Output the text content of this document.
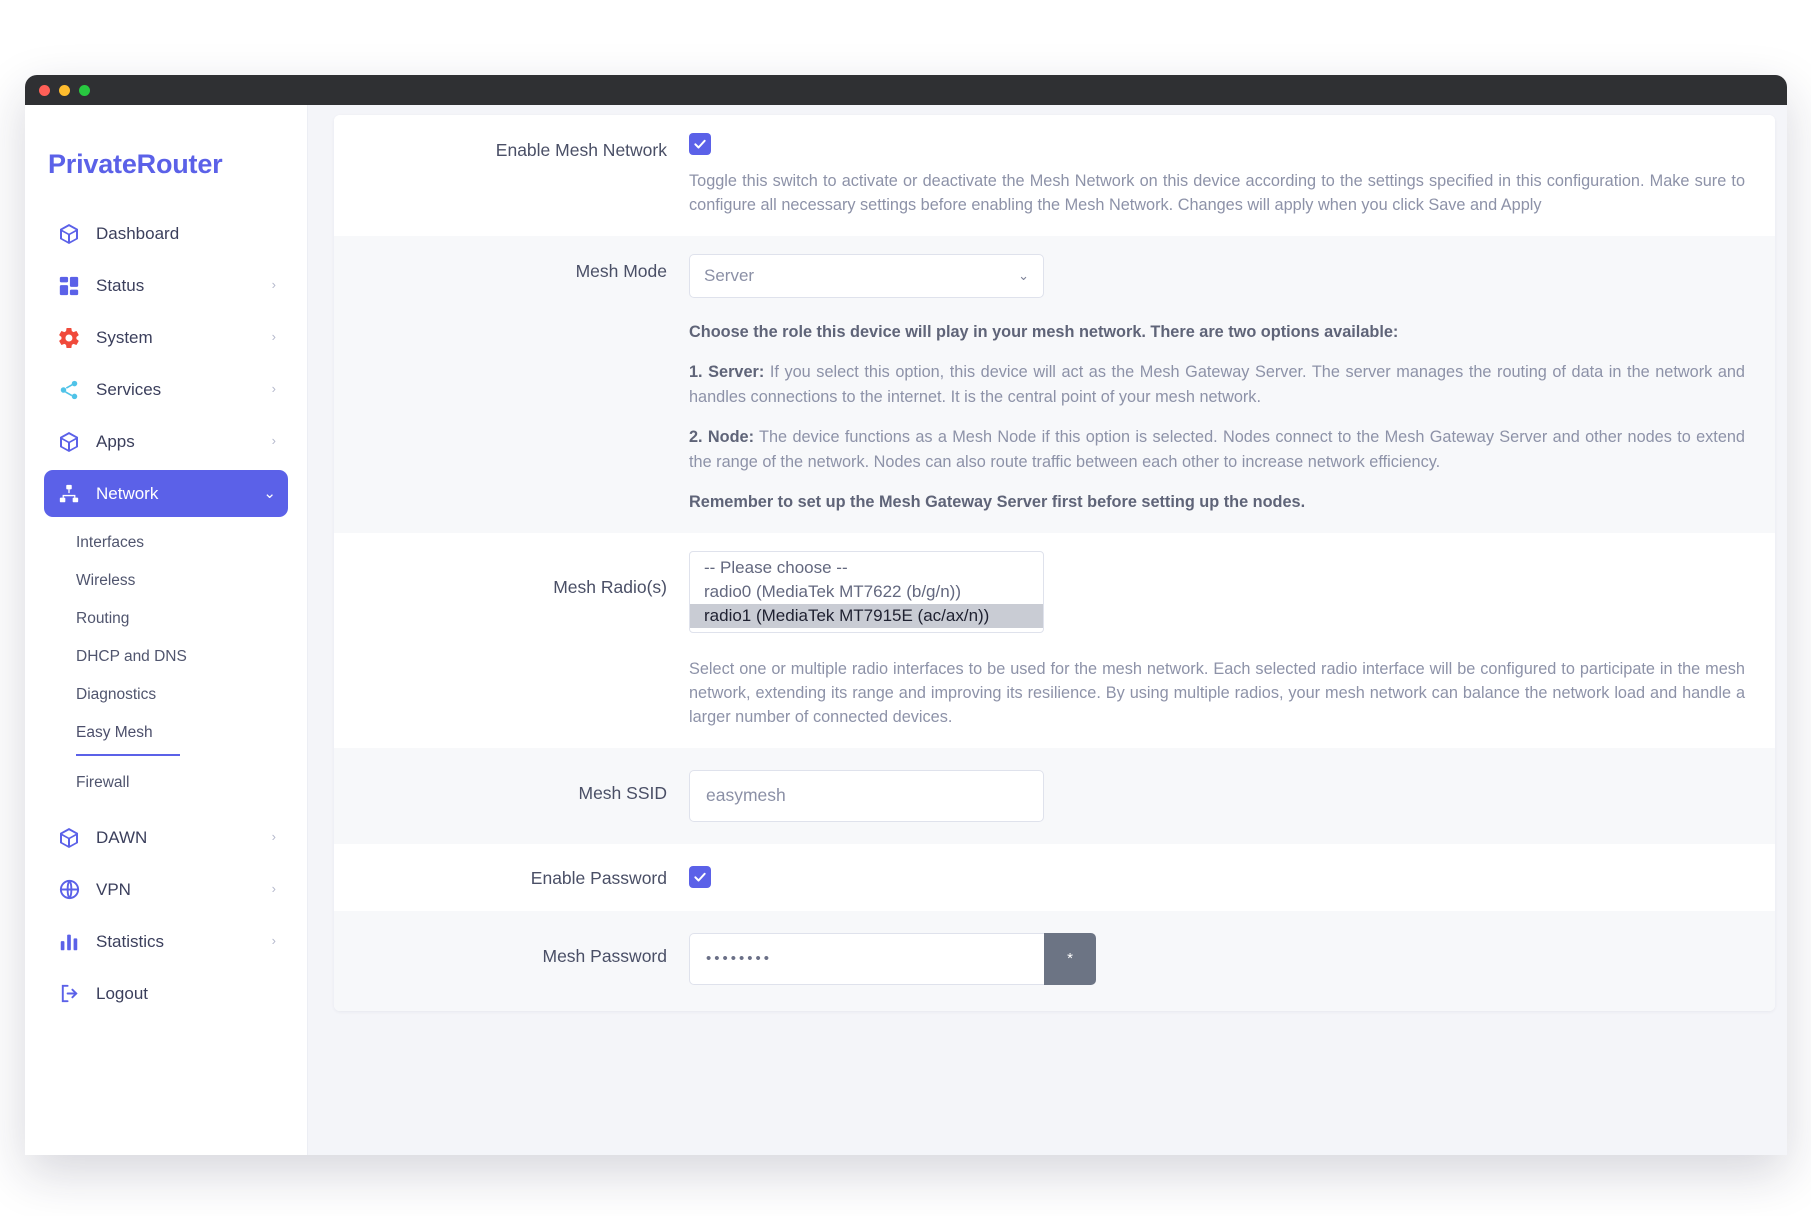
PrivateRouter
Dashboard
Status	›
System	›
Services	›
Apps	›
Network	⌄
Interfaces
Wireless
Routing
DHCP and DNS
Diagnostics
Easy Mesh
Firewall
DAWN	›
VPN	›
Statistics	›
Logout
Enable Mesh Network
Toggle this switch to activate or deactivate the Mesh Network on this device according to the settings specified in this configuration. Make sure to configure all necessary settings before enabling the Mesh Network. Changes will apply when you click Save and Apply
Mesh Mode	Server	⌄

Choose the role this device will play in your mesh network. There are two options available:

1. Server: If you select this option, this device will act as the Mesh Gateway Server. The server manages the routing of data in the network and handles connections to the internet. It is the central point of your mesh network.

2. Node: The device functions as a Mesh Node if this option is selected. Nodes connect to the Mesh Gateway Server and other nodes to extend the range of the network. Nodes can also route traffic between each other to increase network efficiency.

Remember to set up the Mesh Gateway Server first before setting up the nodes.

Mesh Radio(s)
-- Please choose --
radio0 (MediaTek MT7622 (b/g/n))
radio1 (MediaTek MT7915E (ac/ax/n))
Select one or multiple radio interfaces to be used for the mesh network. Each selected radio interface will be configured to participate in the mesh network, extending its range and improving its resilience. By using multiple radios, your mesh network can balance the network load and handle a larger number of connected devices.
Mesh SSID	easymesh
Enable Password
Mesh Password	••••••••	*
